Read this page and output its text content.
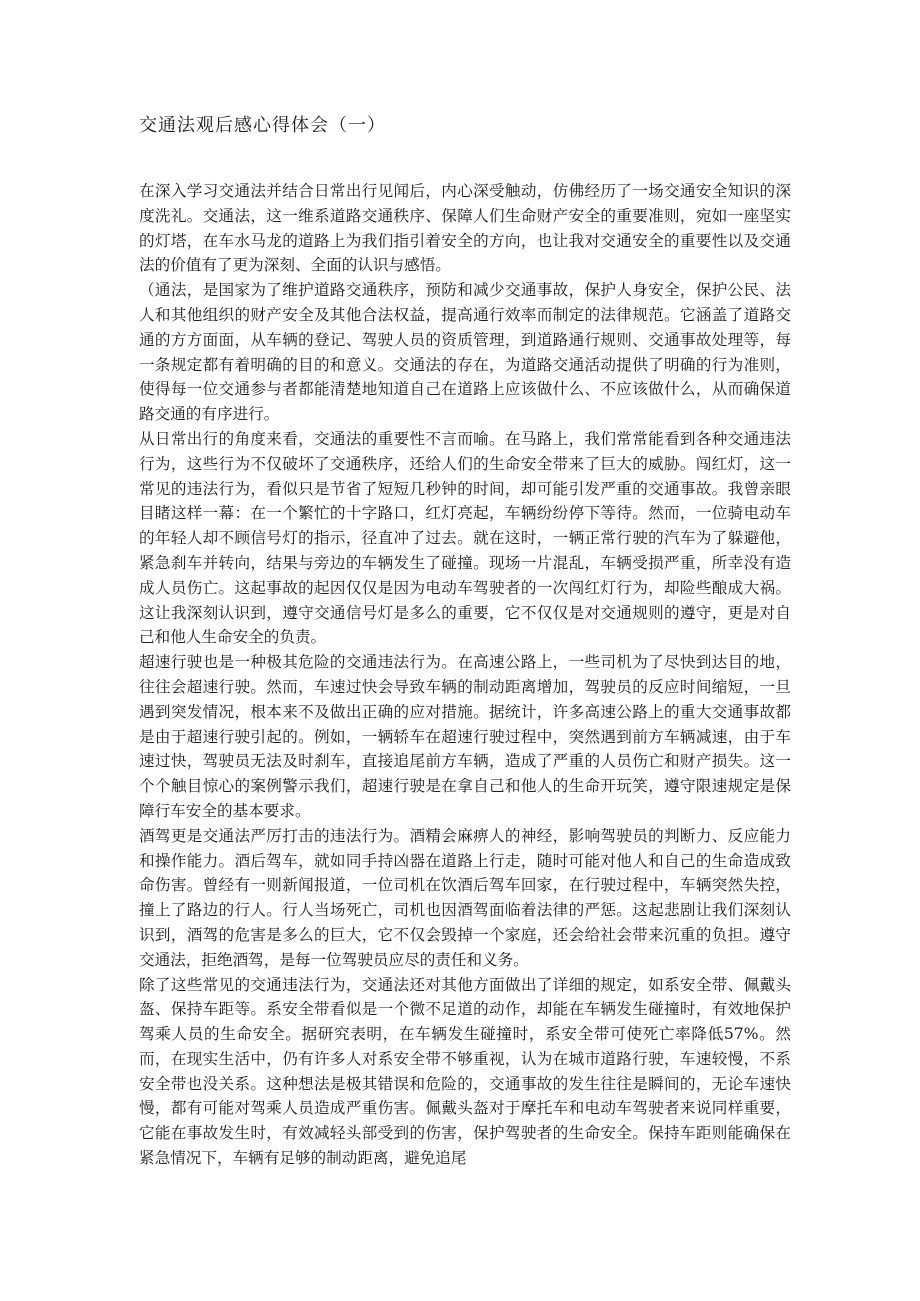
交通法观后感心得体会（一）

在深入学习交通法并结合日常出行见闻后，内心深受触动，仿佛经历了一场交通安全知识的深度洗礼。交通法，这一维系道路交通秩序、保障人们生命财产安全的重要准则，宛如一座坚实的灯塔，在车水马龙的道路上为我们指引着安全的方向，也让我对交通安全的重要性以及交通法的价值有了更为深刻、全面的认识与感悟。

（通法，是国家为了维护道路交通秩序，预防和减少交通事故，保护人身安全，保护公民、法人和其他组织的财产安全及其他合法权益，提高通行效率而制定的法律规范。它涵盖了道路交通的方方面面，从车辆的登记、驾驶人员的资质管理，到道路通行规则、交通事故处理等，每一条规定都有着明确的目的和意义。交通法的存在，为道路交通活动提供了明确的行为准则，使得每一位交通参与者都能清楚地知道自己在道路上应该做什么、不应该做什么，从而确保道路交通的有序进行。

从日常出行的角度来看，交通法的重要性不言而喻。在马路上，我们常常能看到各种交通违法行为，这些行为不仅破坏了交通秩序，还给人们的生命安全带来了巨大的威胁。闯红灯，这一常见的违法行为，看似只是节省了短短几秒钟的时间，却可能引发严重的交通事故。我曾亲眼目睹这样一幕：在一个繁忙的十字路口，红灯亮起，车辆纷纷停下等待。然而，一位骑电动车的年轻人却不顾信号灯的指示，径直冲了过去。就在这时，一辆正常行驶的汽车为了躲避他，紧急刹车并转向，结果与旁边的车辆发生了碰撞。现场一片混乱，车辆受损严重，所幸没有造成人员伤亡。这起事故的起因仅仅是因为电动车驾驶者的一次闯红灯行为，却险些酿成大祸。这让我深刻认识到，遵守交通信号灯是多么的重要，它不仅仅是对交通规则的遵守，更是对自己和他人生命安全的负责。

超速行驶也是一种极其危险的交通违法行为。在高速公路上，一些司机为了尽快到达目的地，往往会超速行驶。然而，车速过快会导致车辆的制动距离增加，驾驶员的反应时间缩短，一旦遇到突发情况，根本来不及做出正确的应对措施。据统计，许多高速公路上的重大交通事故都是由于超速行驶引起的。例如，一辆轿车在超速行驶过程中，突然遇到前方车辆减速，由于车速过快，驾驶员无法及时刹车，直接追尾前方车辆，造成了严重的人员伤亡和财产损失。这一个个触目惊心的案例警示我们，超速行驶是在拿自己和他人的生命开玩笑，遵守限速规定是保障行车安全的基本要求。

酒驾更是交通法严厉打击的违法行为。酒精会麻痹人的神经，影响驾驶员的判断力、反应能力和操作能力。酒后驾车，就如同手持凶器在道路上行走，随时可能对他人和自己的生命造成致命伤害。曾经有一则新闻报道，一位司机在饮酒后驾车回家，在行驶过程中，车辆突然失控，撞上了路边的行人。行人当场死亡，司机也因酒驾面临着法律的严惩。这起悲剧让我们深刻认识到，酒驾的危害是多么的巨大，它不仅会毁掉一个家庭，还会给社会带来沉重的负担。遵守交通法，拒绝酒驾，是每一位驾驶员应尽的责任和义务。

除了这些常见的交通违法行为，交通法还对其他方面做出了详细的规定，如系安全带、佩戴头盔、保持车距等。系安全带看似是一个微不足道的动作，却能在车辆发生碰撞时，有效地保护驾乘人员的生命安全。据研究表明，在车辆发生碰撞时，系安全带可使死亡率降低57%。然而，在现实生活中，仍有许多人对系安全带不够重视，认为在城市道路行驶，车速较慢，不系安全带也没关系。这种想法是极其错误和危险的，交通事故的发生往往是瞬间的，无论车速快慢，都有可能对驾乘人员造成严重伤害。佩戴头盔对于摩托车和电动车驾驶者来说同样重要，它能在事故发生时，有效减轻头部受到的伤害，保护驾驶者的生命安全。保持车距则能确保在紧急情况下，车辆有足够的制动距离，避免追尾
